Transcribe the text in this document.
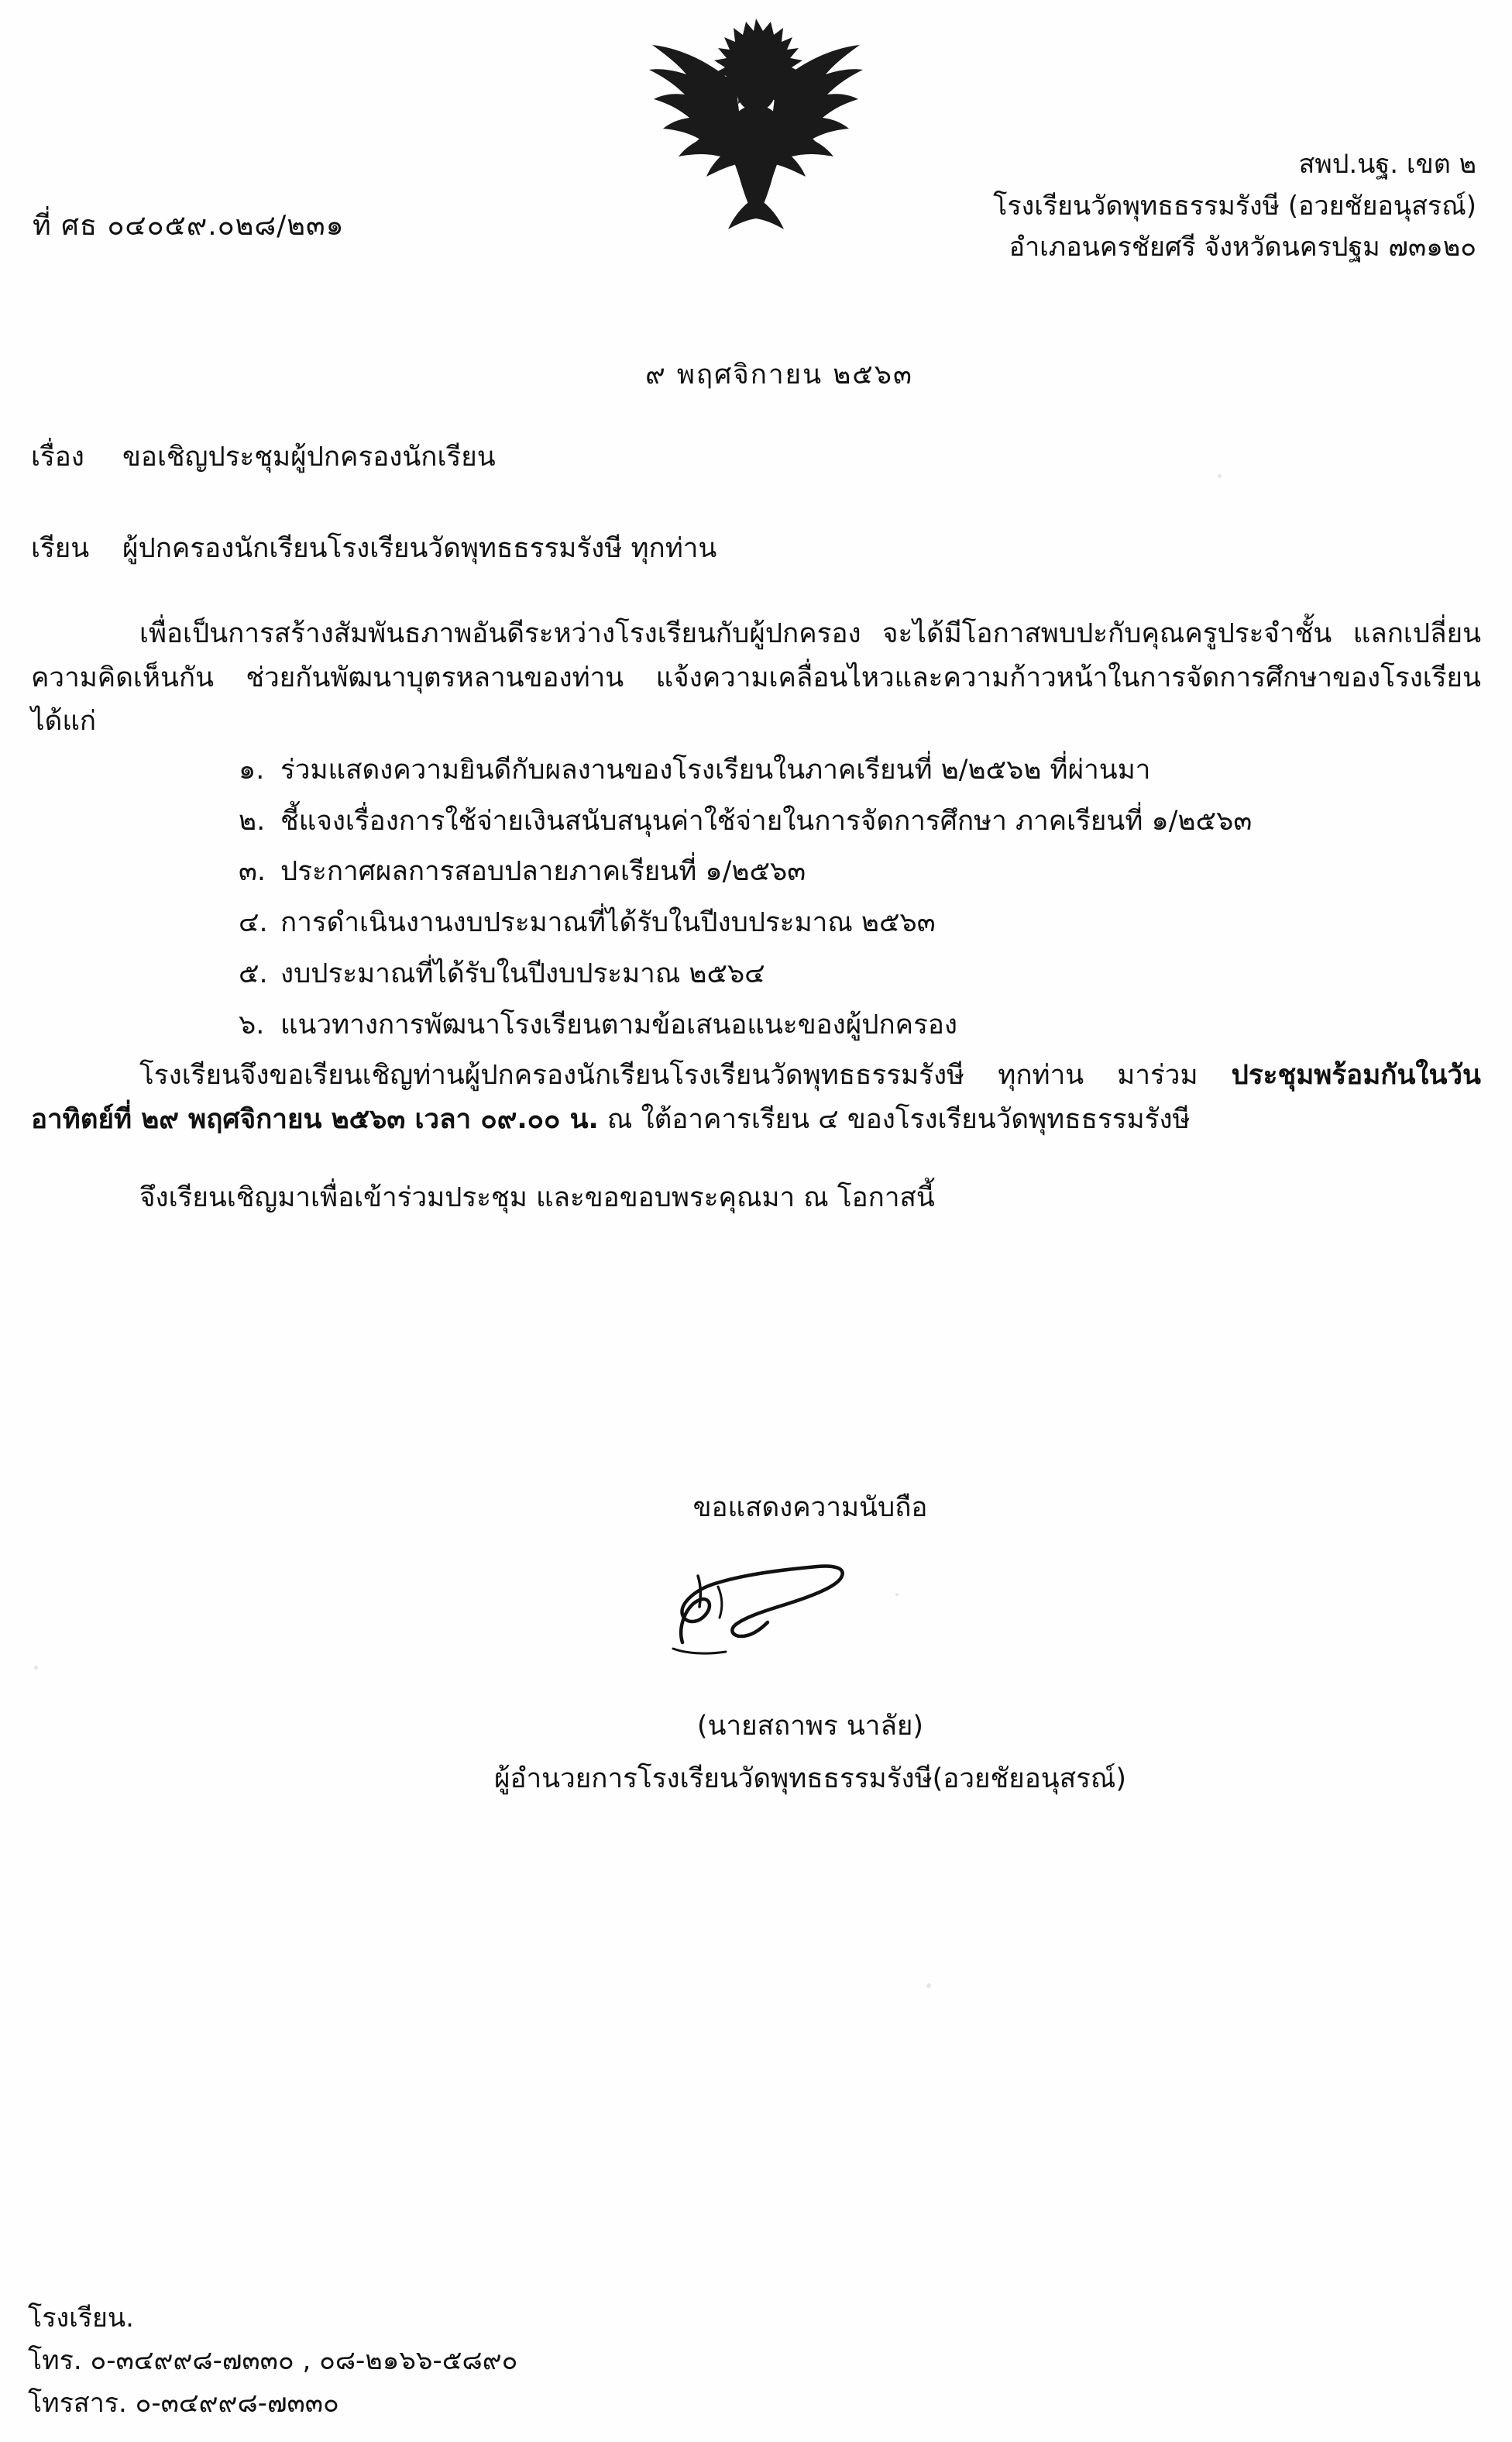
ที่ ศธ ๐๔๐๕๙.๐๒๘/๒๓๑
สพป.นฐ. เขต ๒
โรงเรียนวัดพุทธธรรมรังษี (อวยชัยอนุสรณ์)
อำเภอนครชัยศรี จังหวัดนครปฐม ๗๓๑๒๐
๙ พฤศจิกายน ๒๕๖๓
เรื่อง ขอเชิญประชุมผู้ปกครองนักเรียน
เรียน ผู้ปกครองนักเรียนโรงเรียนวัดพุทธธรรมรังษี ทุกท่าน

เพื่อเป็นการสร้างสัมพันธภาพอันดีระหว่างโรงเรียนกับผู้ปกครอง จะได้มีโอกาสพบปะกับคุณครูประจำชั้น แลกเปลี่ยนความคิดเห็นกัน ช่วยกันพัฒนาบุตรหลานของท่าน แจ้งความเคลื่อนไหวและความก้าวหน้าในการจัดการศึกษาของโรงเรียน ได้แก่

๑. ร่วมแสดงความยินดีกับผลงานของโรงเรียนในภาคเรียนที่ ๒/๒๕๖๒ ที่ผ่านมา
๒. ชี้แจงเรื่องการใช้จ่ายเงินสนับสนุนค่าใช้จ่ายในการจัดการศึกษา ภาคเรียนที่ ๑/๒๕๖๓
๓. ประกาศผลการสอบปลายภาคเรียนที่ ๑/๒๕๖๓
๔. การดำเนินงานงบประมาณที่ได้รับในปีงบประมาณ ๒๕๖๓
๕. งบประมาณที่ได้รับในปีงบประมาณ ๒๕๖๔
๖. แนวทางการพัฒนาโรงเรียนตามข้อเสนอแนะของผู้ปกครอง

โรงเรียนจึงขอเรียนเชิญท่านผู้ปกครองนักเรียนโรงเรียนวัดพุทธธรรมรังษี ทุกท่าน มาร่วม ประชุมพร้อมกันในวันอาทิตย์ที่ ๒๙ พฤศจิกายน ๒๕๖๓ เวลา ๐๙.๐๐ น. ณ ใต้อาคารเรียน ๔ ของโรงเรียนวัดพุทธธรรมรังษี

จึงเรียนเชิญมาเพื่อเข้าร่วมประชุม และขอขอบพระคุณมา ณ โอกาสนี้

ขอแสดงความนับถือ
(นายสถาพร นาลัย)
ผู้อำนวยการโรงเรียนวัดพุทธธรรมรังษี(อวยชัยอนุสรณ์)
โรงเรียน.
โทร. ๐-๓๔๙๙๘-๗๓๓๐ , ๐๘-๒๑๖๖-๕๘๙๐
โทรสาร. ๐-๓๔๙๙๘-๗๓๓๐
